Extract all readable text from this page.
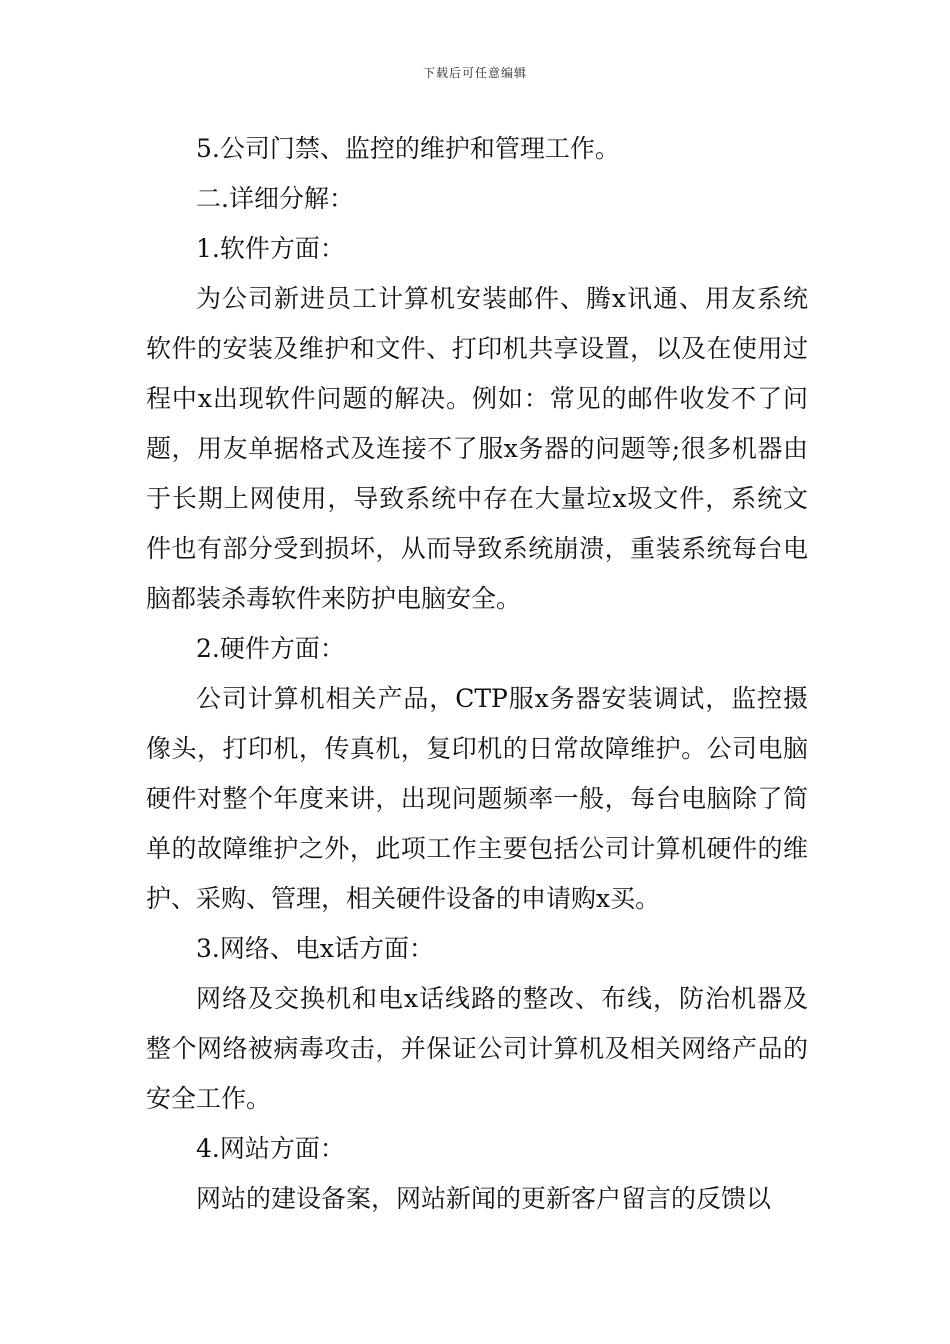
下载后可任意编辑

5.公司门禁、监控的维护和管理工作。

二.详细分解：

1.软件方面：

为公司新进员工计算机安装邮件、腾x讯通、用友系统软件的安装及维护和文件、打印机共享设置，以及在使用过程中x出现软件问题的解决。例如：常见的邮件收发不了问题，用友单据格式及连接不了服x务器的问题等;很多机器由于长期上网使用，导致系统中存在大量垃x圾文件，系统文件也有部分受到损坏，从而导致系统崩溃，重装系统每台电脑都装杀毒软件来防护电脑安全。

2.硬件方面：

公司计算机相关产品，CTP服x务器安装调试，监控摄像头，打印机，传真机，复印机的日常故障维护。公司电脑硬件对整个年度来讲，出现问题频率一般，每台电脑除了简单的故障维护之外，此项工作主要包括公司计算机硬件的维护、采购、管理，相关硬件设备的申请购x买。

3.网络、电x话方面：

网络及交换机和电x话线路的整改、布线，防治机器及整个网络被病毒攻击，并保证公司计算机及相关网络产品的安全工作。

4.网站方面：

网站的建设备案，网站新闻的更新客户留言的反馈以
